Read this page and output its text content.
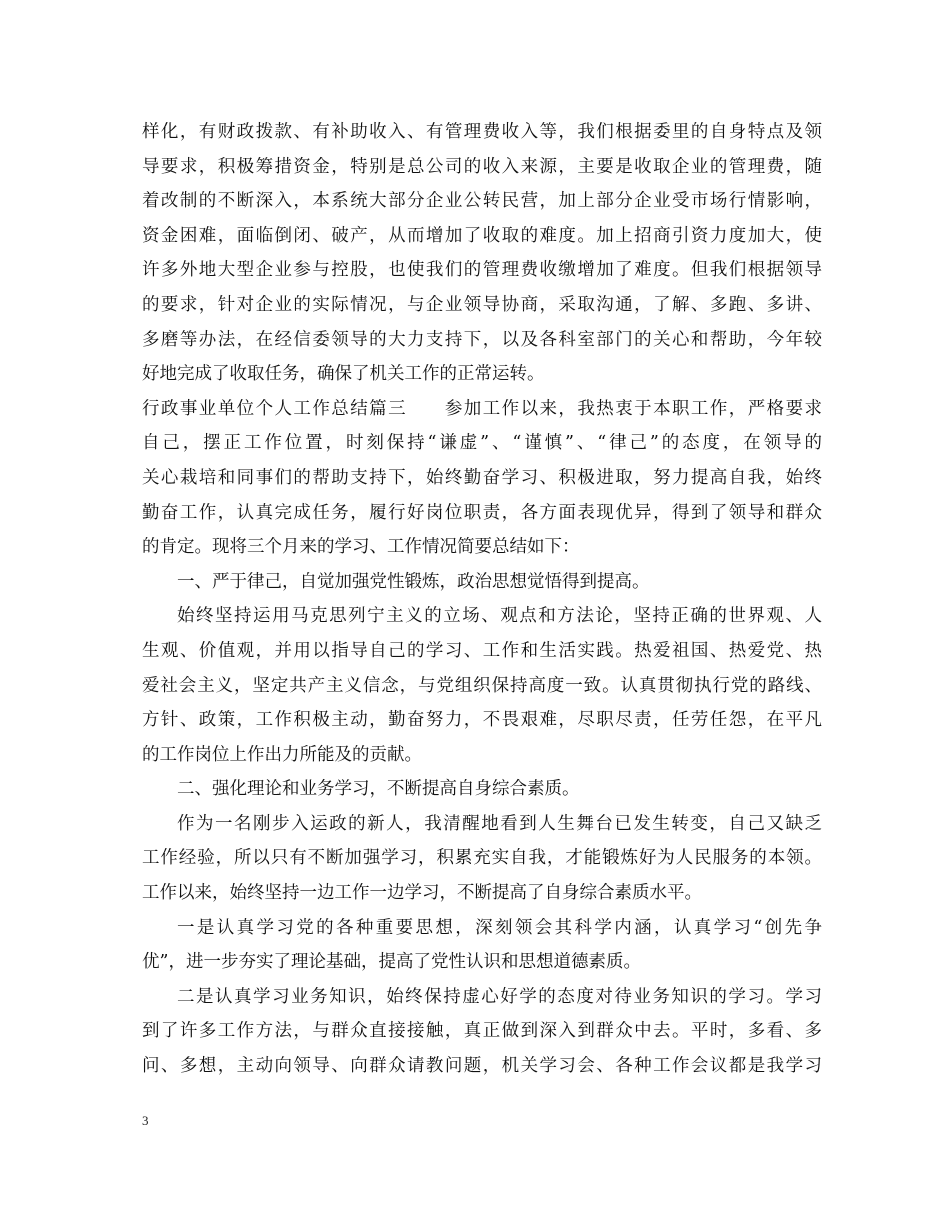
样化，有财政拨款、有补助收入、有管理费收入等，我们根据委里的自身特点及领
导要求，积极筹措资金，特别是总公司的收入来源，主要是收取企业的管理费，随
着改制的不断深入，本系统大部分企业公转民营，加上部分企业受市场行情影响，
资金困难，面临倒闭、破产，从而增加了收取的难度。加上招商引资力度加大，使
许多外地大型企业参与控股，也使我们的管理费收缴增加了难度。但我们根据领导
的要求，针对企业的实际情况，与企业领导协商，采取沟通，了解、多跑、多讲、
多磨等办法，在经信委领导的大力支持下，以及各科室部门的关心和帮助，今年较
好地完成了收取任务，确保了机关工作的正常运转。
行政事业单位个人工作总结篇三　　参加工作以来，我热衷于本职工作，严格要求
自己，摆正工作位置，时刻保持“谦虚”、“谨慎”、“律己”的态度，在领导的
关心栽培和同事们的帮助支持下，始终勤奋学习、积极进取，努力提高自我，始终
勤奋工作，认真完成任务，履行好岗位职责，各方面表现优异，得到了领导和群众
的肯定。现将三个月来的学习、工作情况简要总结如下：
一、严于律己，自觉加强党性锻炼，政治思想觉悟得到提高。
始终坚持运用马克思列宁主义的立场、观点和方法论，坚持正确的世界观、人
生观、价值观，并用以指导自己的学习、工作和生活实践。热爱祖国、热爱党、热
爱社会主义，坚定共产主义信念，与党组织保持高度一致。认真贯彻执行党的路线、
方针、政策，工作积极主动，勤奋努力，不畏艰难，尽职尽责，任劳任怨，在平凡
的工作岗位上作出力所能及的贡献。
二、强化理论和业务学习，不断提高自身综合素质。
作为一名刚步入运政的新人，我清醒地看到人生舞台已发生转变，自己又缺乏
工作经验，所以只有不断加强学习，积累充实自我，才能锻炼好为人民服务的本领。
工作以来，始终坚持一边工作一边学习，不断提高了自身综合素质水平。
一是认真学习党的各种重要思想，深刻领会其科学内涵，认真学习“创先争
优”，进一步夯实了理论基础，提高了党性认识和思想道德素质。
二是认真学习业务知识，始终保持虚心好学的态度对待业务知识的学习。学习
到了许多工作方法，与群众直接接触，真正做到深入到群众中去。平时，多看、多
问、多想，主动向领导、向群众请教问题，机关学习会、各种工作会议都是我学习
3
